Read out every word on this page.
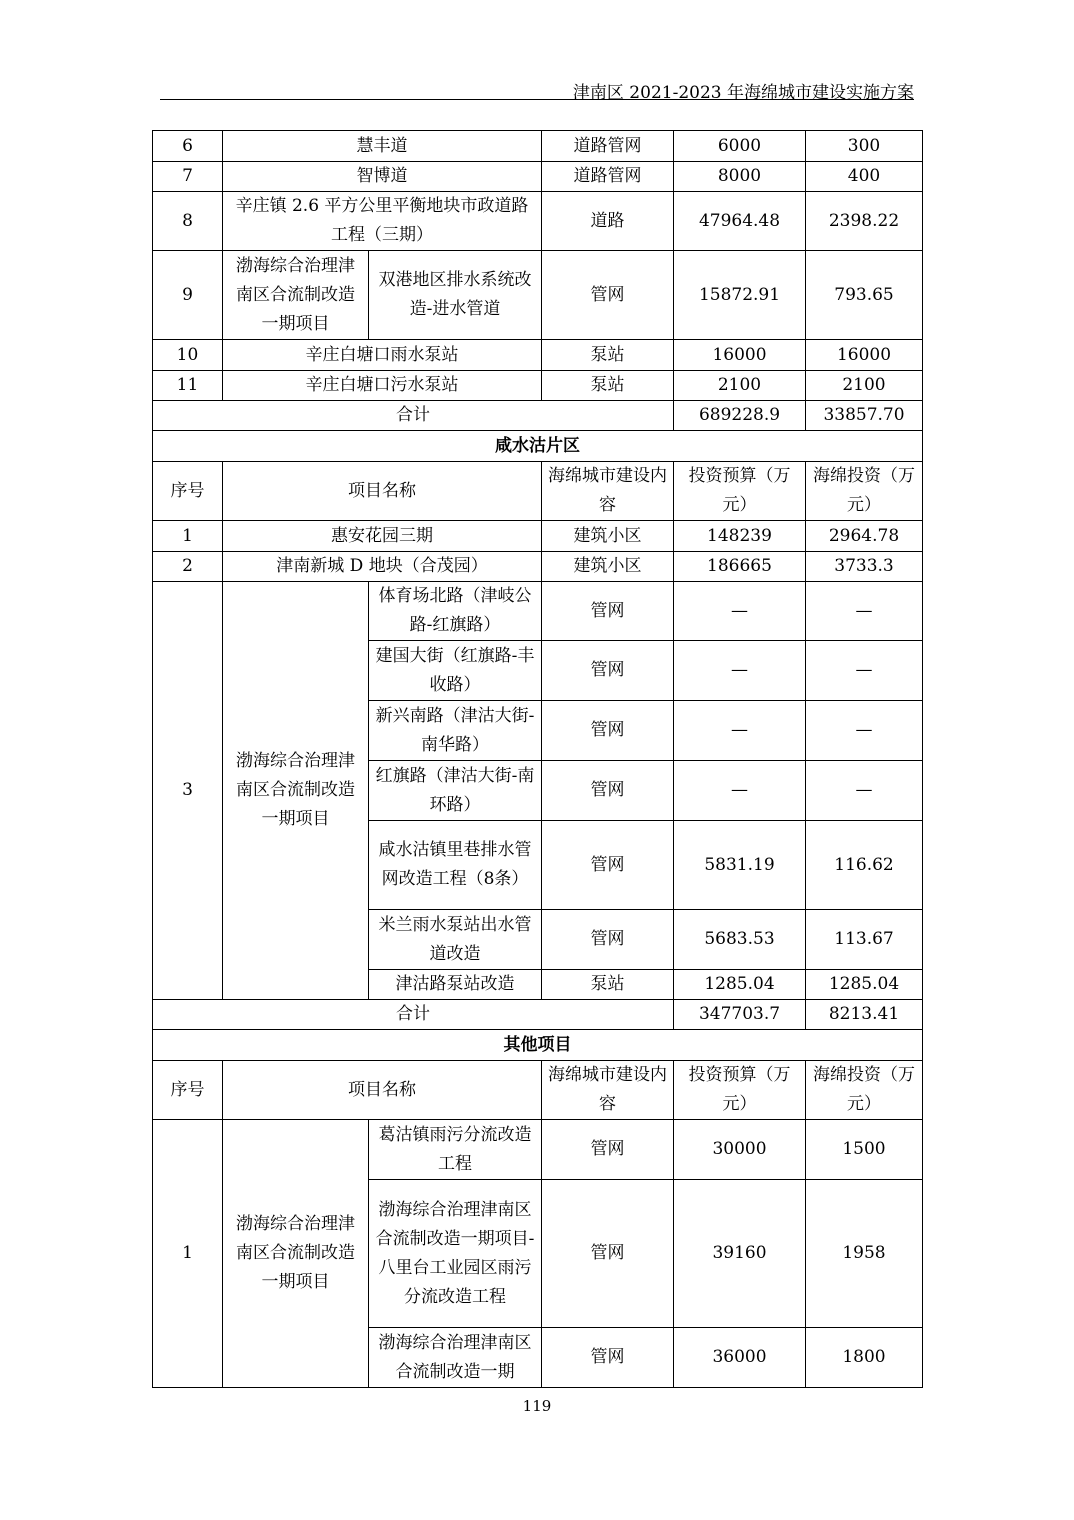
津南区 2021-2023 年海绵城市建设实施方案
6	慧丰道		道路管网	6000	300
7	智博道		道路管网	8000	400
8	辛庄镇 2.6 平方公里平衡地块市政道路工程（三期）		道路	47964.48	2398.22
9	渤海综合治理津南区合流制改造一期项目	双港地区排水系统改造-进水管道	管网	15872.91	793.65
10	辛庄白塘口雨水泵站		泵站	16000	16000
11	辛庄白塘口污水泵站		泵站	2100	2100
合计				689228.9	33857.70
咸水沽片区					
序号	项目名称		海绵城市建设内容	投资预算（万元）	海绵投资（万元）
1	惠安花园三期		建筑小区	148239	2964.78
2	津南新城 D 地块（合茂园）		建筑小区	186665	3733.3
3	渤海综合治理津南区合流制改造一期项目	体育场北路（津岐公路-红旗路）	管网	—	—
		建国大街（红旗路-丰收路）	管网	—	—
		新兴南路（津沽大街-南华路）	管网	—	—
		红旗路（津沽大街-南环路）	管网	—	—
		咸水沽镇里巷排水管网改造工程（8条）	管网	5831.19	116.62
		米兰雨水泵站出水管道改造	管网	5683.53	113.67
		津沽路泵站改造	泵站	1285.04	1285.04
合计				347703.7	8213.41
其他项目					
序号	项目名称		海绵城市建设内容	投资预算（万元）	海绵投资（万元）
1	渤海综合治理津南区合流制改造一期项目	葛沽镇雨污分流改造工程	管网	30000	1500
		渤海综合治理津南区合流制改造一期项目-八里台工业园区雨污分流改造工程	管网	39160	1958
		渤海综合治理津南区合流制改造一期	管网	36000	1800
119
